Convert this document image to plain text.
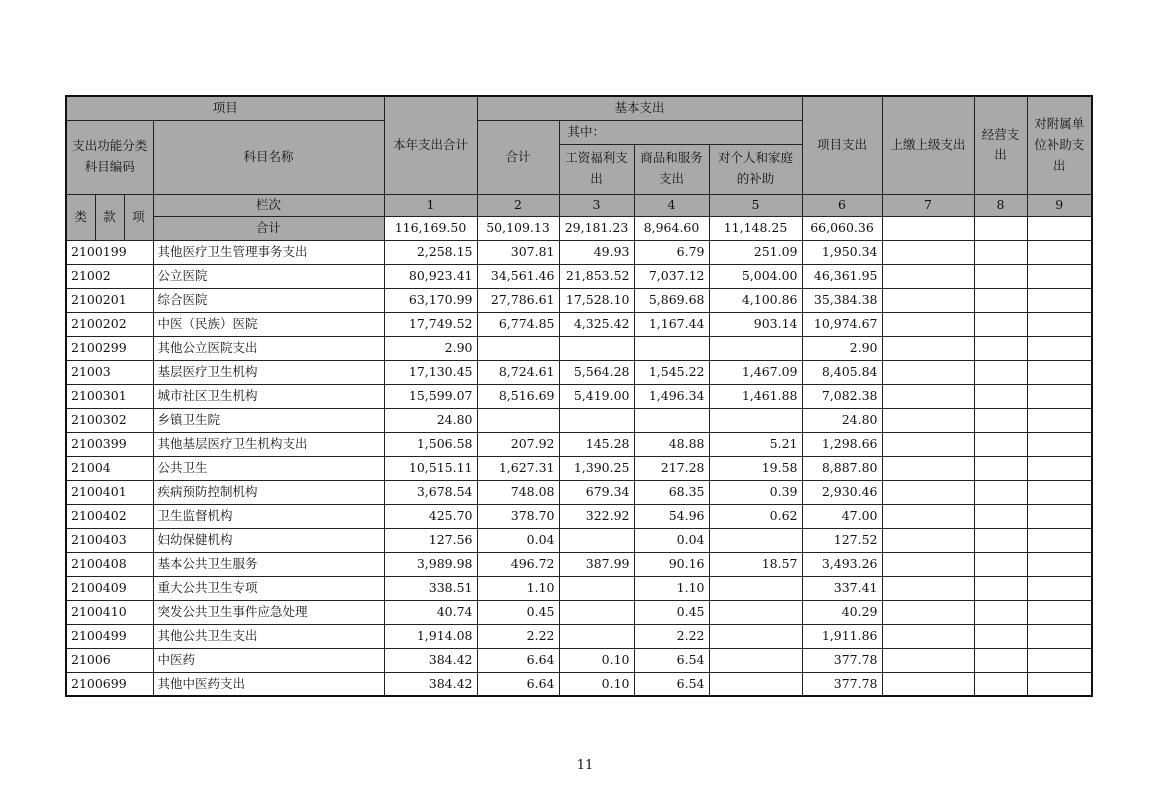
项目				本年支出合计	基本支出				项目支出	上缴上级支出	经营支出	对附属单位补助支出
支出功能分类科目编码			科目名称		合计	其中：						
						工资福利支出	商品和服务支出	对个人和家庭的补助				
类	款	项	栏次	1	2	3	4	5	6	7	8	9
			合计	116,169.50	50,109.13	29,181.23	8,964.60	11,148.25	66,060.36			
2100199			其他医疗卫生管理事务支出	2,258.15	307.81	49.93	6.79	251.09	1,950.34			
21002			公立医院	80,923.41	34,561.46	21,853.52	7,037.12	5,004.00	46,361.95			
2100201			综合医院	63,170.99	27,786.61	17,528.10	5,869.68	4,100.86	35,384.38			
2100202			中医（民族）医院	17,749.52	6,774.85	4,325.42	1,167.44	903.14	10,974.67			
2100299			其他公立医院支出	2.90					2.90			
21003			基层医疗卫生机构	17,130.45	8,724.61	5,564.28	1,545.22	1,467.09	8,405.84			
2100301			城市社区卫生机构	15,599.07	8,516.69	5,419.00	1,496.34	1,461.88	7,082.38			
2100302			乡镇卫生院	24.80					24.80			
2100399			其他基层医疗卫生机构支出	1,506.58	207.92	145.28	48.88	5.21	1,298.66			
21004			公共卫生	10,515.11	1,627.31	1,390.25	217.28	19.58	8,887.80			
2100401			疾病预防控制机构	3,678.54	748.08	679.34	68.35	0.39	2,930.46			
2100402			卫生监督机构	425.70	378.70	322.92	54.96	0.62	47.00			
2100403			妇幼保健机构	127.56	0.04		0.04		127.52			
2100408			基本公共卫生服务	3,989.98	496.72	387.99	90.16	18.57	3,493.26			
2100409			重大公共卫生专项	338.51	1.10		1.10		337.41			
2100410			突发公共卫生事件应急处理	40.74	0.45		0.45		40.29			
2100499			其他公共卫生支出	1,914.08	2.22		2.22		1,911.86			
21006			中医药	384.42	6.64	0.10	6.54		377.78			
2100699			其他中医药支出	384.42	6.64	0.10	6.54		377.78			
11
